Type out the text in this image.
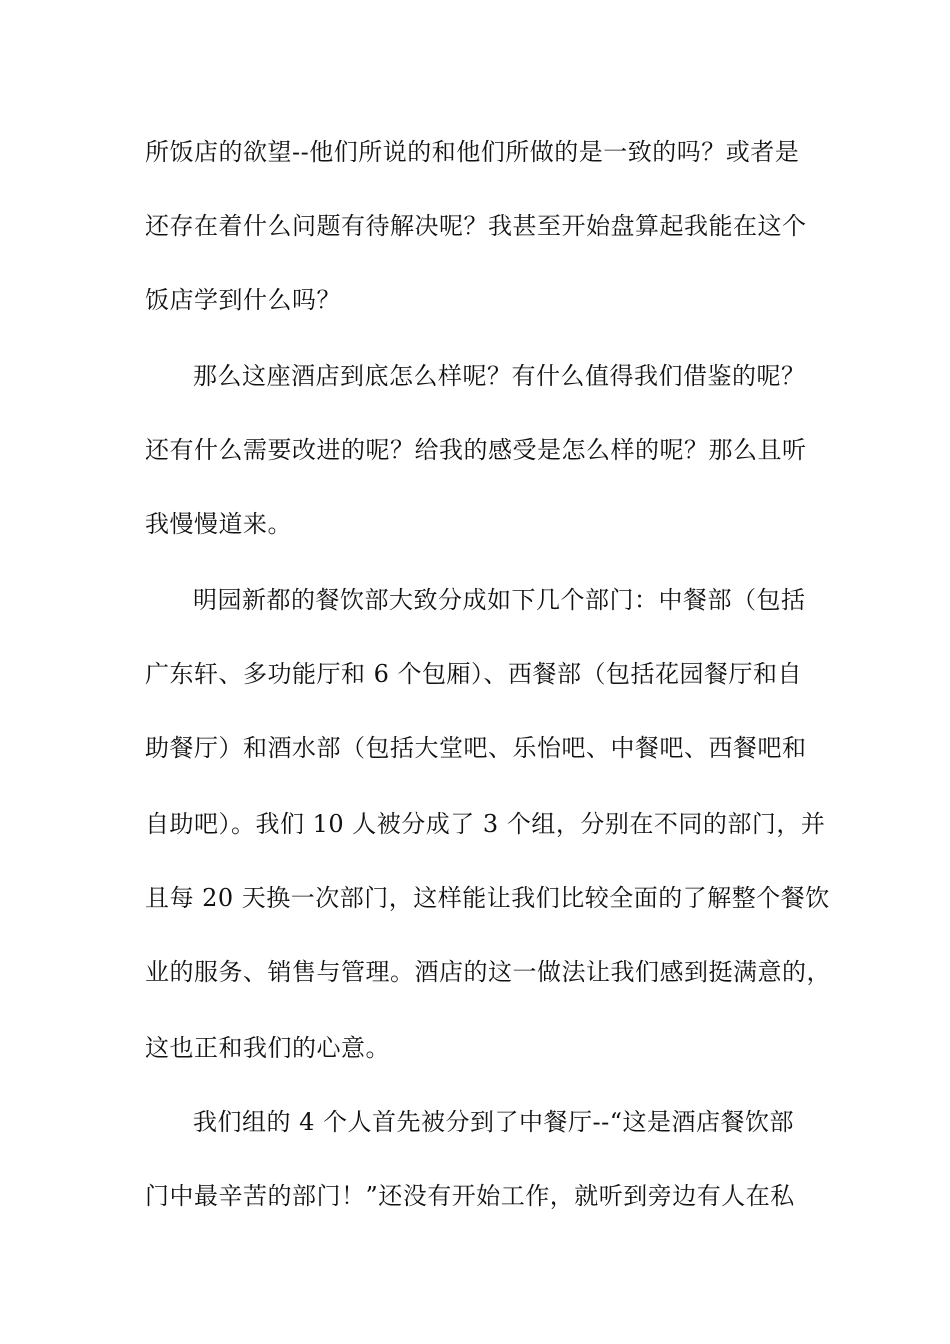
所饭店的欲望--他们所说的和他们所做的是一致的吗？或者是
还存在着什么问题有待解决呢？我甚至开始盘算起我能在这个
饭店学到什么吗？
那么这座酒店到底怎么样呢？有什么值得我们借鉴的呢？
还有什么需要改进的呢？给我的感受是怎么样的呢？那么且听
我慢慢道来。
明园新都的餐饮部大致分成如下几个部门：中餐部（包括
广东轩、多功能厅和 6 个包厢）、西餐部（包括花园餐厅和自
助餐厅）和酒水部（包括大堂吧、乐怡吧、中餐吧、西餐吧和
自助吧）。我们 10 人被分成了 3 个组，分别在不同的部门，并
且每 20 天换一次部门，这样能让我们比较全面的了解整个餐饮
业的服务、销售与管理。酒店的这一做法让我们感到挺满意的，
这也正和我们的心意。
我们组的 4 个人首先被分到了中餐厅--“这是酒店餐饮部
门中最辛苦的部门！”还没有开始工作，就听到旁边有人在私
